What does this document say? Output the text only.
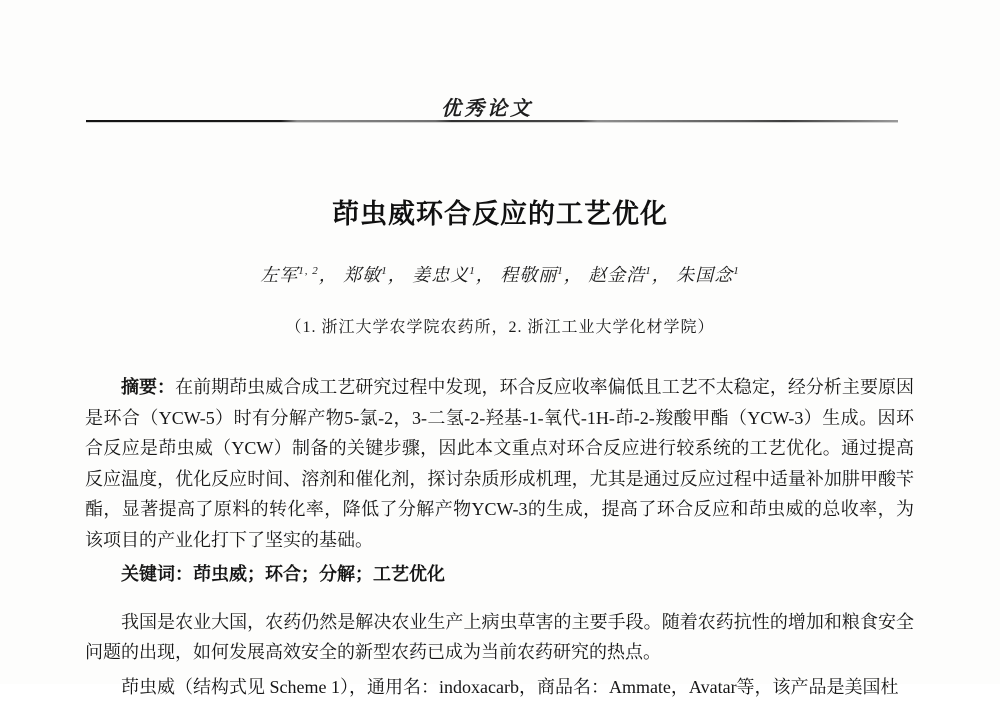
优秀论文
茚虫威环合反应的工艺优化
左军$^{1, 2}$， 郑敏$^1$， 姜忠义$^1$， 程敬丽$^1$， 赵金浩$^1$， 朱国念$^1$
（1. 浙江大学农学院农药所，2. 浙江工业大学化材学院）

摘要：在前期茚虫威合成工艺研究过程中发现，环合反应收率偏低且工艺不太稳定，经分析主要原因是环合（YCW-5）时有分解产物5-氯-2，3-二氢-2-羟基-1-氧代-1H-茚-2-羧酸甲酯（YCW-3）生成。因环合反应是茚虫威（YCW）制备的关键步骤，因此本文重点对环合反应进行较系统的工艺优化。通过提高反应温度，优化反应时间、溶剂和催化剂，探讨杂质形成机理，尤其是通过反应过程中适量补加肼甲酸苄酯，显著提高了原料的转化率，降低了分解产物YCW-3的生成，提高了环合反应和茚虫威的总收率，为该项目的产业化打下了坚实的基础。

关键词：茚虫威；环合；分解；工艺优化

我国是农业大国，农药仍然是解决农业生产上病虫草害的主要手段。随着农药抗性的增加和粮食安全问题的出现，如何发展高效安全的新型农药已成为当前农药研究的热点。

茚虫威（结构式见 Scheme 1），通用名：indoxacarb，商品名：Ammate，Avatar等，该产品是美国杜
